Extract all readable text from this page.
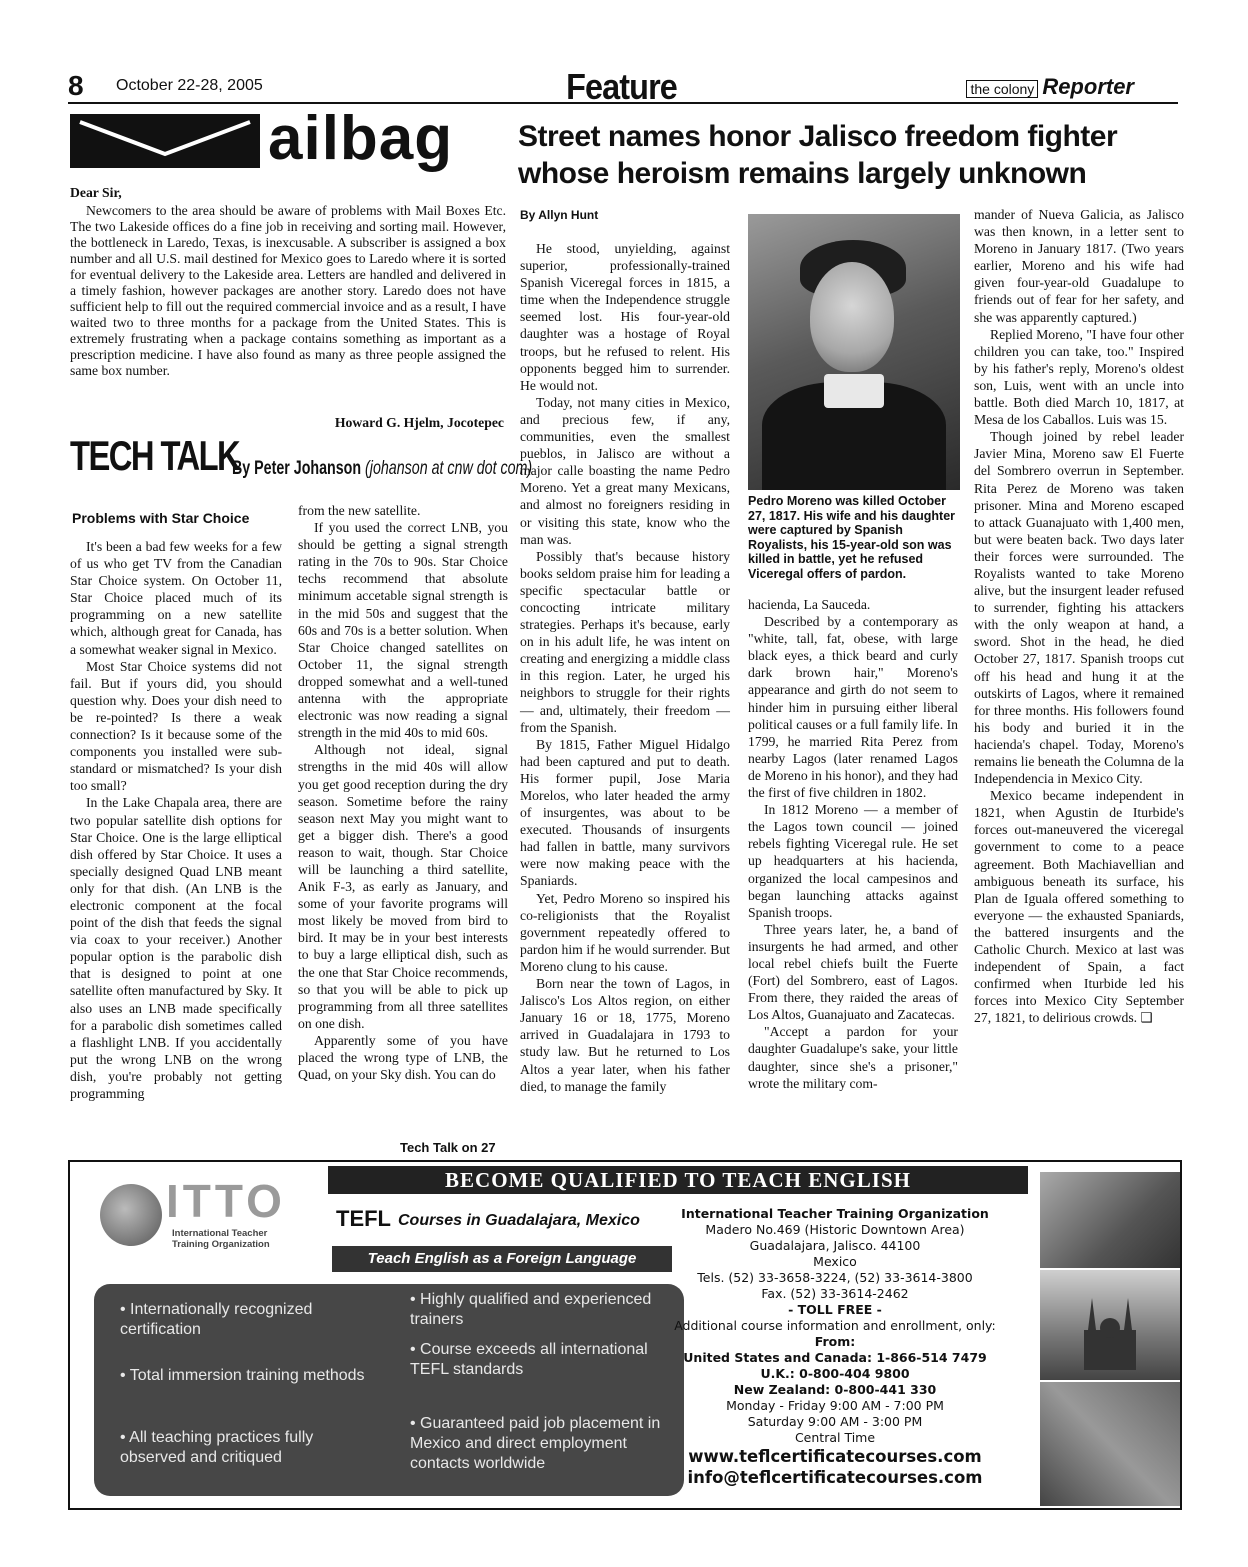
8 October 22-28, 2005	Feature	the colony Reporter
ailbag

Dear Sir,

Newcomers to the area should be aware of problems with Mail Boxes Etc. The two Lakeside offices do a fine job in receiving and sorting mail. However, the bottleneck in Laredo, Texas, is inexcusable. A subscriber is assigned a box number and all U.S. mail destined for Mexico goes to Laredo where it is sorted for eventual delivery to the Lakeside area. Letters are handled and delivered in a timely fashion, however packages are another story. Laredo does not have sufficient help to fill out the required commercial invoice and as a result, I have waited two to three months for a package from the United States. This is extremely frustrating when a package contains something as important as a prescription medicine. I have also found as many as three people assigned the same box number.

Howard G. Hjelm, Jocotepec
TECH TALK
By Peter Johanson (johanson at cnw dot com)
Problems with Star Choice

It's been a bad few weeks for a few of us who get TV from the Canadian Star Choice system. On October 11, Star Choice placed much of its programming on a new satellite which, although great for Canada, has a somewhat weaker signal in Mexico.

Most Star Choice systems did not fail. But if yours did, you should question why. Does your dish need to be re-pointed? Is there a weak connection? Is it because some of the components you installed were sub-standard or mismatched? Is your dish too small?

In the Lake Chapala area, there are two popular satellite dish options for Star Choice. One is the large elliptical dish offered by Star Choice. It uses a specially designed Quad LNB meant only for that dish. (An LNB is the electronic component at the focal point of the dish that feeds the signal via coax to your receiver.) Another popular option is the parabolic dish that is designed to point at one satellite often manufactured by Sky. It also uses an LNB made specifically for a parabolic dish sometimes called a flashlight LNB. If you accidentally put the wrong LNB on the wrong dish, you're probably not getting programming

from the new satellite.

If you used the correct LNB, you should be getting a signal strength rating in the 70s to 90s. Star Choice techs recommend that absolute minimum accetable signal strength is in the mid 50s and suggest that the 60s and 70s is a better solution. When Star Choice changed satellites on October 11, the signal strength dropped somewhat and a well-tuned antenna with the appropriate electronic was now reading a signal strength in the mid 40s to mid 60s.

Although not ideal, signal strengths in the mid 40s will allow you get good reception during the dry season. Sometime before the rainy season next May you might want to get a bigger dish. There's a good reason to wait, though. Star Choice will be launching a third satellite, Anik F-3, as early as January, and some of your favorite programs will most likely be moved from bird to bird. It may be in your best interests to buy a large elliptical dish, such as the one that Star Choice recommends, so that you will be able to pick up programming from all three satellites on one dish.

Apparently some of you have placed the wrong type of LNB, the Quad, on your Sky dish. You can do

Tech Talk on 27
Street names honor Jalisco freedom fighter whose heroism remains largely unknown
By Allyn Hunt

He stood, unyielding, against superior, professionally-trained Spanish Viceregal forces in 1815, a time when the Independence struggle seemed lost. His four-year-old daughter was a hostage of Royal troops, but he refused to relent. His opponents begged him to surrender. He would not.

Today, not many cities in Mexico, and precious few, if any, communities, even the smallest pueblos, in Jalisco are without a major calle boasting the name Pedro Moreno. Yet a great many Mexicans, and almost no foreigners residing in or visiting this state, know who the man was.

Possibly that's because history books seldom praise him for leading a specific spectacular battle or concocting intricate military strategies. Perhaps it's because, early on in his adult life, he was intent on creating and energizing a middle class in this region. Later, he urged his neighbors to struggle for their rights — and, ultimately, their freedom — from the Spanish.

By 1815, Father Miguel Hidalgo had been captured and put to death. His former pupil, Jose Maria Morelos, who later headed the army of insurgentes, was about to be executed. Thousands of insurgents had fallen in battle, many survivors were now making peace with the Spaniards.

Yet, Pedro Moreno so inspired his co-religionists that the Royalist government repeatedly offered to pardon him if he would surrender. But Moreno clung to his cause.

Born near the town of Lagos, in Jalisco's Los Altos region, on either January 16 or 18, 1775, Moreno arrived in Guadalajara in 1793 to study law. But he returned to Los Altos a year later, when his father died, to manage the family

Pedro Moreno was killed October 27, 1817. His wife and his daughter were captured by Spanish Royalists, his 15-year-old son was killed in battle, yet he refused Viceregal offers of pardon.

hacienda, La Sauceda.

Described by a contemporary as "white, tall, fat, obese, with large black eyes, a thick beard and curly dark brown hair," Moreno's appearance and girth do not seem to hinder him in pursuing either liberal political causes or a full family life. In 1799, he married Rita Perez from nearby Lagos (later renamed Lagos de Moreno in his honor), and they had the first of five children in 1802.

In 1812 Moreno — a member of the Lagos town council — joined rebels fighting Viceregal rule. He set up headquarters at his hacienda, organized the local campesinos and began launching attacks against Spanish troops.

Three years later, he, a band of insurgents he had armed, and other local rebel chiefs built the Fuerte (Fort) del Sombrero, east of Lagos. From there, they raided the areas of Los Altos, Guanajuato and Zacatecas.

"Accept a pardon for your daughter Guadalupe's sake, your little daughter, since she's a prisoner," wrote the military com-

mander of Nueva Galicia, as Jalisco was then known, in a letter sent to Moreno in January 1817. (Two years earlier, Moreno and his wife had given four-year-old Guadalupe to friends out of fear for her safety, and she was apparently captured.)

Replied Moreno, "I have four other children you can take, too." Inspired by his father's reply, Moreno's oldest son, Luis, went with an uncle into battle. Both died March 10, 1817, at Mesa de los Caballos. Luis was 15.

Though joined by rebel leader Javier Mina, Moreno saw El Fuerte del Sombrero overrun in September. Rita Perez de Moreno was taken prisoner. Mina and Moreno escaped to attack Guanajuato with 1,400 men, but were beaten back. Two days later their forces were surrounded. The Royalists wanted to take Moreno alive, but the insurgent leader refused to surrender, fighting his attackers with the only weapon at hand, a sword. Shot in the head, he died October 27, 1817. Spanish troops cut off his head and hung it at the outskirts of Lagos, where it remained for three months. His followers found his body and buried it in the hacienda's chapel. Today, Moreno's remains lie beneath the Columna de la Independencia in Mexico City.

Mexico became independent in 1821, when Agustin de Iturbide's forces out-maneuvered the viceregal government to come to a peace agreement. Both Machiavellian and ambiguous beneath its surface, his Plan de Iguala offered something to everyone — the exhausted Spaniards, the battered insurgents and the Catholic Church. Mexico at last was independent of Spain, a fact confirmed when Iturbide led his forces into Mexico City September 27, 1821, to delirious crowds. ❑

BECOME QUALIFIED TO TEACH ENGLISH
ITTO
International Teacher Training Organization
TEFL Courses in Guadalajara, Mexico
Teach English as a Foreign Language
• Internationally recognized certification
• Total immersion training methods
• All teaching practices fully observed and critiqued
• Highly qualified and experienced trainers
• Course exceeds all international TEFL standards
• Guaranteed paid job placement in Mexico and direct employment contacts worldwide
International Teacher Training Organization
Madero No.469 (Historic Downtown Area)
Guadalajara, Jalisco. 44100
Mexico
Tels. (52) 33-3658-3224, (52) 33-3614-3800
Fax. (52) 33-3614-2462
- TOLL FREE -
Additional course information and enrollment, only:
From:
United States and Canada: 1-866-514 7479
U.K.: 0-800-404 9800
New Zealand: 0-800-441 330
Monday - Friday 9:00 AM - 7:00 PM
Saturday 9:00 AM - 3:00 PM
Central Time
www.teflcertificatecourses.com
info@teflcertificatecourses.com
